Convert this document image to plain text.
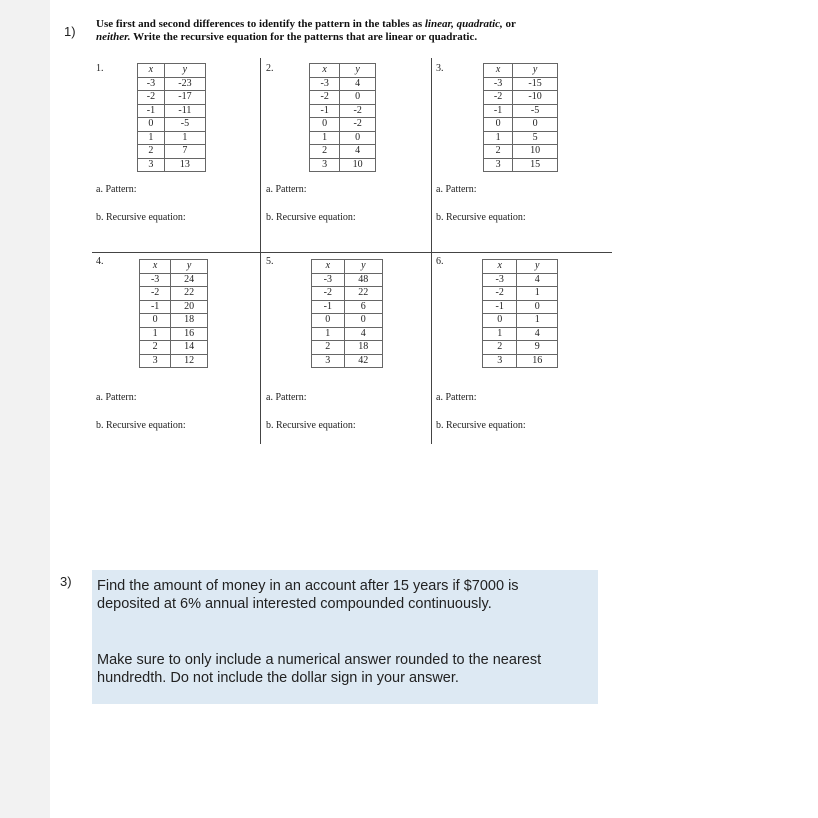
1) Use first and second differences to identify the pattern in the tables as linear, quadratic, or
neither. Write the recursive equation for the patterns that are linear or quadratic.
1.	x	y
-3	-23
-2	-17
-1	-11
0	-5
1	1
2	7
3	13
a. Pattern:
b. Recursive equation:
2.	x	y
-3	4
-2	0
-1	-2
0	-2
1	0
2	4
3	10
a. Pattern:
b. Recursive equation:
3.	x	y
-3	-15
-2	-10
-1	-5
0	0
1	5
2	10
3	15
a. Pattern:
b. Recursive equation:
4.	x	y
-3	24
-2	22
-1	20
0	18
1	16
2	14
3	12
a. Pattern:
b. Recursive equation:
5.	x	y
-3	48
-2	22
-1	6
0	0
1	4
2	18
3	42
a. Pattern:
b. Recursive equation:
6.	x	y
-3	4
-2	1
-1	0
0	1
1	4
2	9
3	16
a. Pattern:
b. Recursive equation:
3) Find the amount of money in an account after 15 years if $7000 is
deposited at 6% annual interested compounded continuously.
Make sure to only include a numerical answer rounded to the nearest
hundredth. Do not include the dollar sign in your answer.
